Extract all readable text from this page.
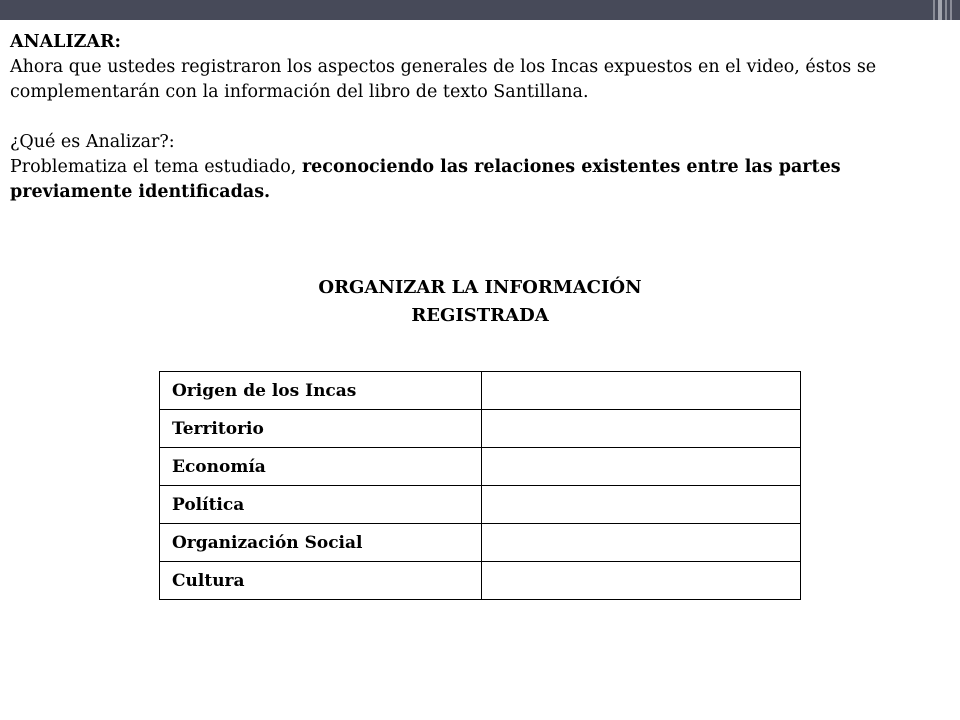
ANALIZAR:

Ahora que ustedes registraron los aspectos generales de los Incas expuestos en el video, éstos se complementarán con la información del libro de texto Santillana.

¿Qué es Analizar?:

Problematiza el tema estudiado, reconociendo las relaciones existentes entre las partes previamente identificadas.

ORGANIZAR LA INFORMACIÓN
REGISTRADA
Origen de los Incas	
Territorio	
Economía	
Política	
Organización Social	
Cultura	
